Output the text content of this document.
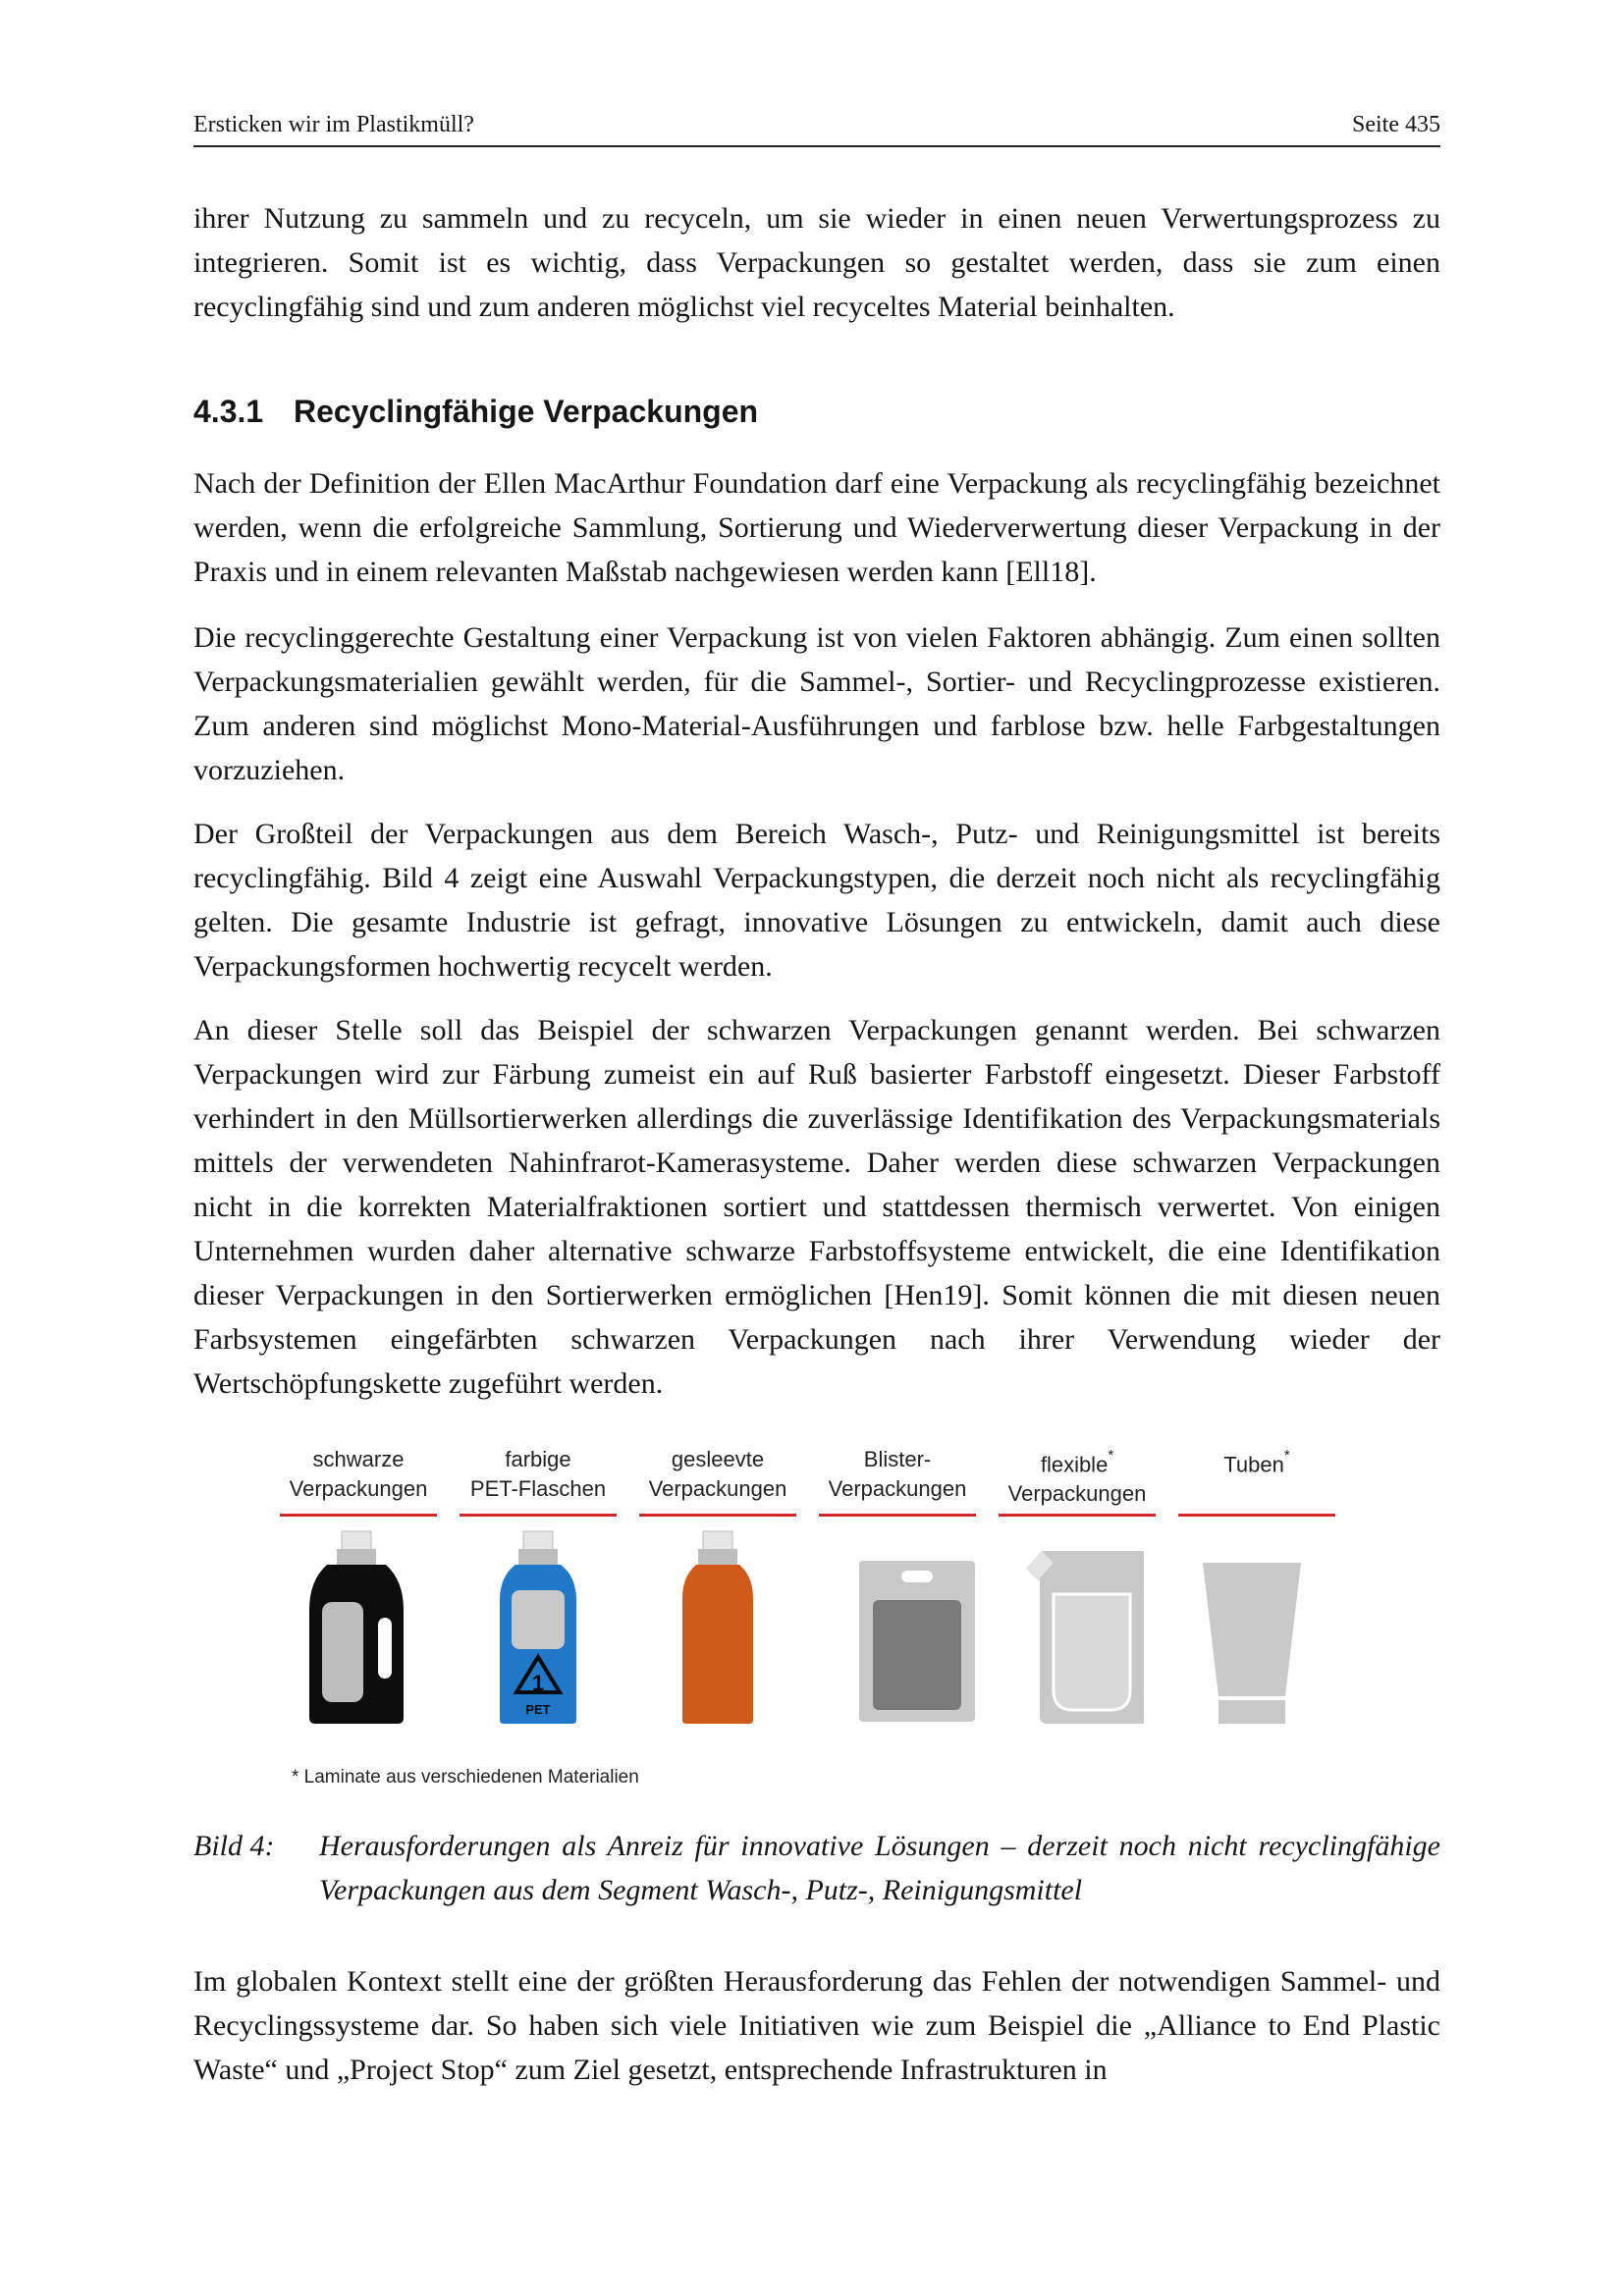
Ersticken wir im Plastikmüll?	Seite 435

ihrer Nutzung zu sammeln und zu recyceln, um sie wieder in einen neuen Verwertungsprozess zu integrieren. Somit ist es wichtig, dass Verpackungen so gestaltet werden, dass sie zum einen recyclingfähig sind und zum anderen möglichst viel recyceltes Material beinhalten.

4.3.1 Recyclingfähige Verpackungen

Nach der Definition der Ellen MacArthur Foundation darf eine Verpackung als recyclingfähig bezeichnet werden, wenn die erfolgreiche Sammlung, Sortierung und Wiederverwertung dieser Verpackung in der Praxis und in einem relevanten Maßstab nachgewiesen werden kann [Ell18].

Die recyclinggerechte Gestaltung einer Verpackung ist von vielen Faktoren abhängig. Zum einen sollten Verpackungsmaterialien gewählt werden, für die Sammel-, Sortier- und Recyclingprozesse existieren. Zum anderen sind möglichst Mono-Material-Ausführungen und farblose bzw. helle Farbgestaltungen vorzuziehen.

Der Großteil der Verpackungen aus dem Bereich Wasch-, Putz- und Reinigungsmittel ist bereits recyclingfähig. Bild 4 zeigt eine Auswahl Verpackungstypen, die derzeit noch nicht als recyclingfähig gelten. Die gesamte Industrie ist gefragt, innovative Lösungen zu entwickeln, damit auch diese Verpackungsformen hochwertig recycelt werden.

An dieser Stelle soll das Beispiel der schwarzen Verpackungen genannt werden. Bei schwarzen Verpackungen wird zur Färbung zumeist ein auf Ruß basierter Farbstoff eingesetzt. Dieser Farbstoff verhindert in den Müllsortierwerken allerdings die zuverlässige Identifikation des Verpackungsmaterials mittels der verwendeten Nahinfrarot-Kamerasysteme. Daher werden diese schwarzen Verpackungen nicht in die korrekten Materialfraktionen sortiert und stattdessen thermisch verwertet. Von einigen Unternehmen wurden daher alternative schwarze Farbstoffsysteme entwickelt, die eine Identifikation dieser Verpackungen in den Sortierwerken ermöglichen [Hen19]. Somit können die mit diesen neuen Farbsystemen eingefärbten schwarzen Verpackungen nach ihrer Verwendung wieder der Wertschöpfungskette zugeführt werden.

schwarze
Verpackungen
farbige
PET-Flaschen
gesleevte
Verpackungen
Blister-
Verpackungen
flexible*
Verpackungen
Tuben*
1
PET
* Laminate aus verschiedenen Materialien
Bild 4: Herausforderungen als Anreiz für innovative Lösungen – derzeit noch nicht recyclingfähige Verpackungen aus dem Segment Wasch-, Putz-, Reinigungsmittel

Im globalen Kontext stellt eine der größten Herausforderung das Fehlen der notwendigen Sammel- und Recyclingssysteme dar. So haben sich viele Initiativen wie zum Beispiel die „Alliance to End Plastic Waste“ und „Project Stop“ zum Ziel gesetzt, entsprechende Infrastrukturen in
